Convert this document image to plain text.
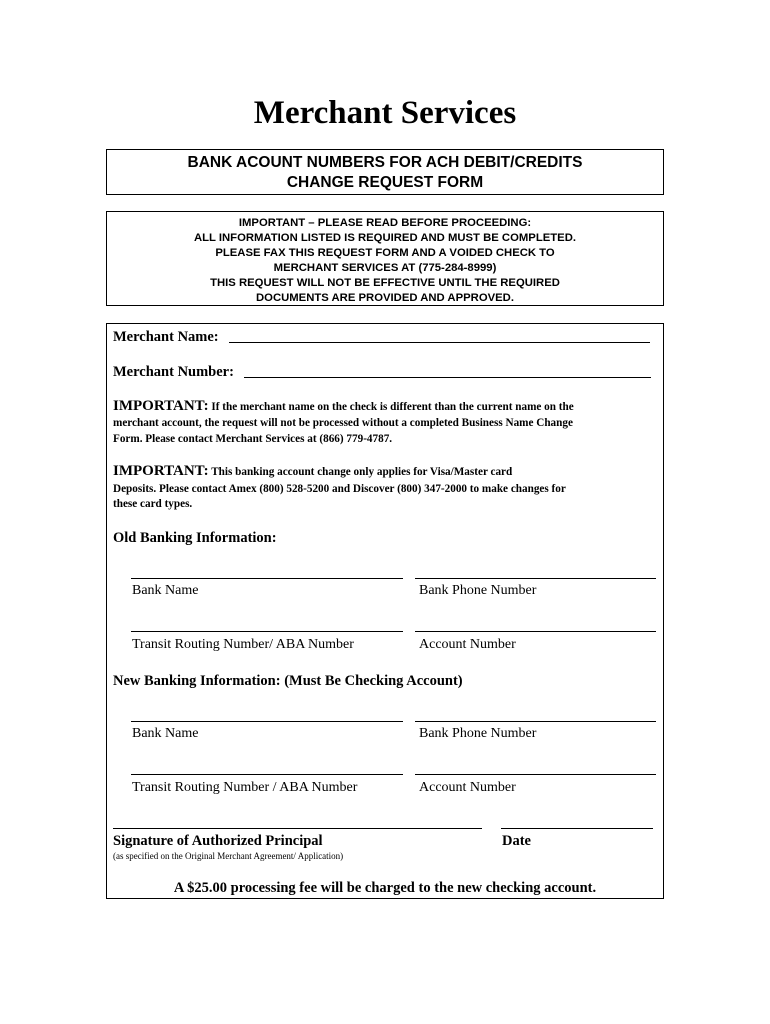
Merchant Services
BANK ACOUNT NUMBERS FOR ACH DEBIT/CREDITS
CHANGE REQUEST FORM
IMPORTANT – PLEASE READ BEFORE PROCEEDING:
ALL INFORMATION LISTED IS REQUIRED AND MUST BE COMPLETED.
PLEASE FAX THIS REQUEST FORM AND A VOIDED CHECK TO
MERCHANT SERVICES AT (775-284-8999)
THIS REQUEST WILL NOT BE EFFECTIVE UNTIL THE REQUIRED
DOCUMENTS ARE PROVIDED AND APPROVED.
Merchant Name:
Merchant Number:
IMPORTANT: If the merchant name on the check is different than the current name on the
merchant account, the request will not be processed without a completed Business Name Change
Form. Please contact Merchant Services at (866) 779-4787.
IMPORTANT: This banking account change only applies for Visa/Master card
Deposits. Please contact Amex (800) 528-5200 and Discover (800) 347-2000 to make changes for
these card types.
Old Banking Information:
Bank Name	Bank Phone Number
Transit Routing Number/ ABA Number	Account Number
New Banking Information: (Must Be Checking Account)
Bank Name	Bank Phone Number
Transit Routing Number / ABA Number	Account Number
Signature of Authorized Principal	Date
(as specified on the Original Merchant Agreement/ Application)
A $25.00 processing fee will be charged to the new checking account.
